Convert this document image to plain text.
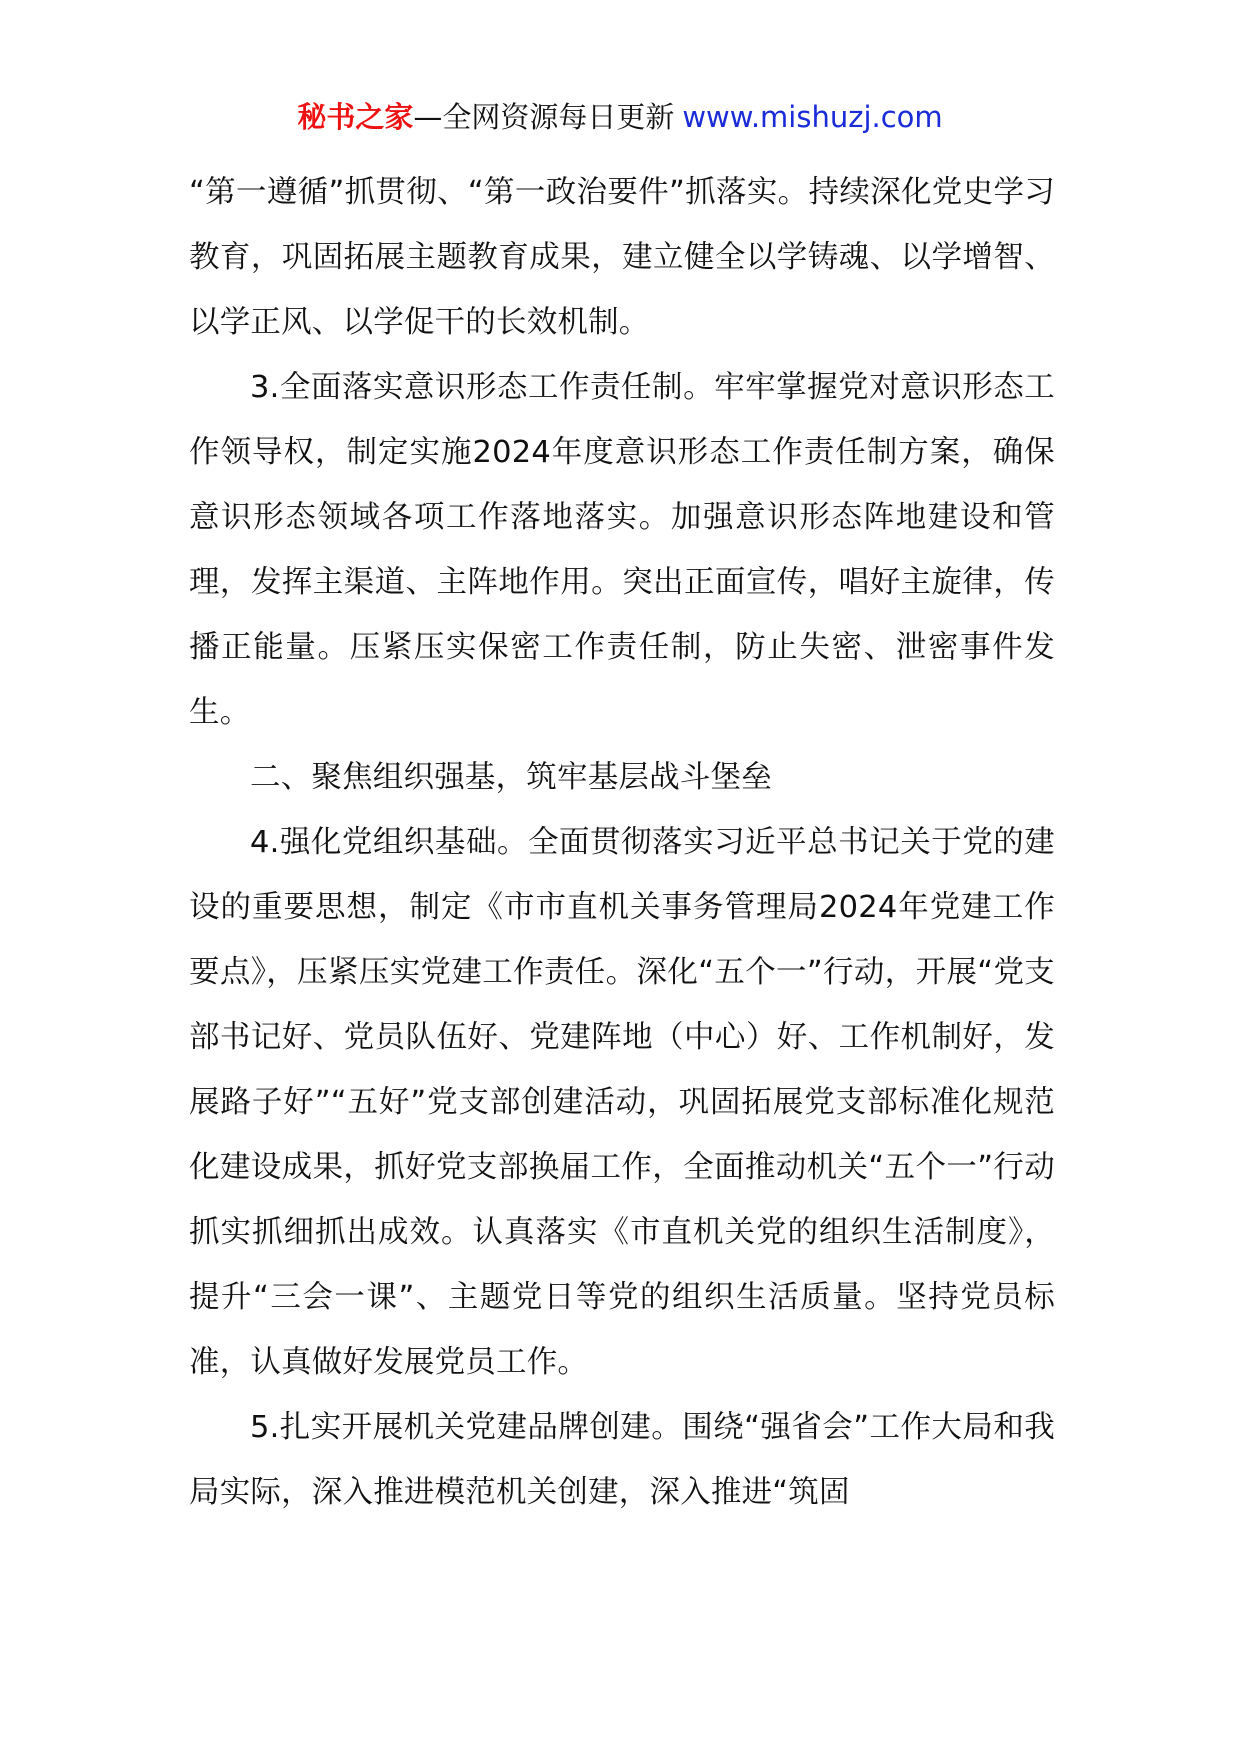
秘书之家—全网资源每日更新 www.mishuzj.com

“第一遵循”抓贯彻、“第一政治要件”抓落实。持续深化党史学习教育，巩固拓展主题教育成果，建立健全以学铸魂、以学增智、以学正风、以学促干的长效机制。

3.全面落实意识形态工作责任制。牢牢掌握党对意识形态工作领导权，制定实施2024年度意识形态工作责任制方案，确保意识形态领域各项工作落地落实。加强意识形态阵地建设和管理，发挥主渠道、主阵地作用。突出正面宣传，唱好主旋律，传播正能量。压紧压实保密工作责任制，防止失密、泄密事件发生。

二、聚焦组织强基，筑牢基层战斗堡垒

4.强化党组织基础。全面贯彻落实习近平总书记关于党的建设的重要思想，制定《市市直机关事务管理局2024年党建工作要点》，压紧压实党建工作责任。深化“五个一”行动，开展“党支部书记好、党员队伍好、党建阵地（中心）好、工作机制好，发展路子好”“五好”党支部创建活动，巩固拓展党支部标准化规范化建设成果，抓好党支部换届工作，全面推动机关“五个一”行动抓实抓细抓出成效。认真落实《市直机关党的组织生活制度》，提升“三会一课”、主题党日等党的组织生活质量。坚持党员标准，认真做好发展党员工作。

5.扎实开展机关党建品牌创建。围绕“强省会”工作大局和我局实际，深入推进模范机关创建，深入推进“筑固
